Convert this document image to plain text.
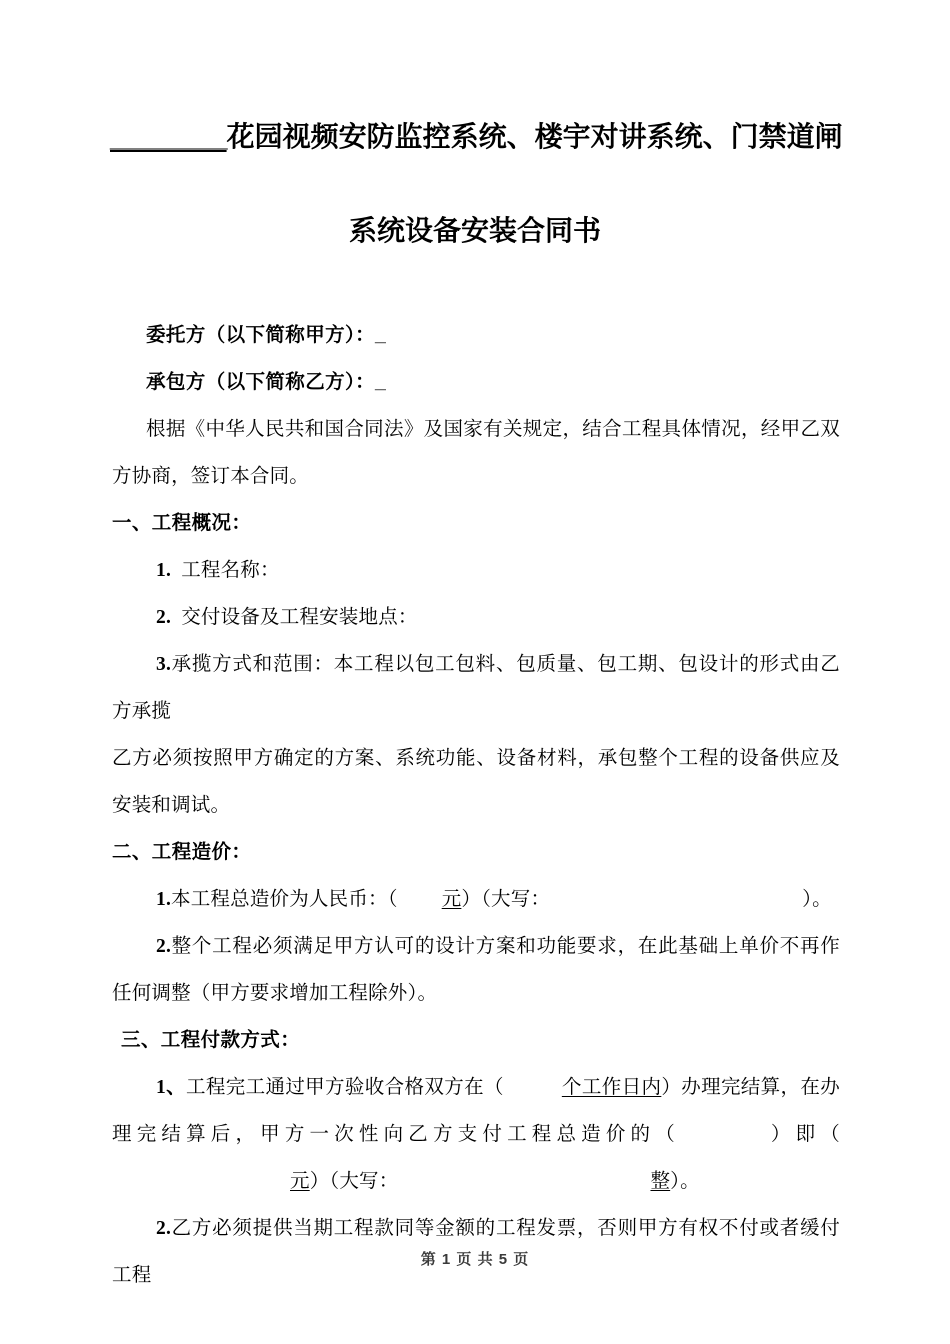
________花园视频安防监控系统、楼宇对讲系统、门禁道闸
系统设备安装合同书

委托方（以下简称甲方）：_

承包方（以下简称乙方）：_

根据《中华人民共和国合同法》及国家有关规定，结合工程具体情况，经甲乙双方协商，签订本合同。

一、工程概况：

1. 工程名称：

2. 交付设备及工程安装地点：

3.承揽方式和范围：本工程以包工包料、包质量、包工期、包设计的形式由乙方承揽

乙方必须按照甲方确定的方案、系统功能、设备材料，承包整个工程的设备供应及安装和调试。

二、工程造价：

1.本工程总造价为人民币：（ 元）（大写：	）。

2.整个工程必须满足甲方认可的设计方案和功能要求，在此基础上单价不再作任何调整（甲方要求增加工程除外）。

三、工程付款方式：

1、工程完工通过甲方验收合格双方在（	个工作日内）办理完结算，在办理完结算后，甲方一次性向乙方支付工程总造价的（	）即（元）（大写：	整）。

2.乙方必须提供当期工程款同等金额的工程发票，否则甲方有权不付或者缓付工程

第 1 页 共 5 页
